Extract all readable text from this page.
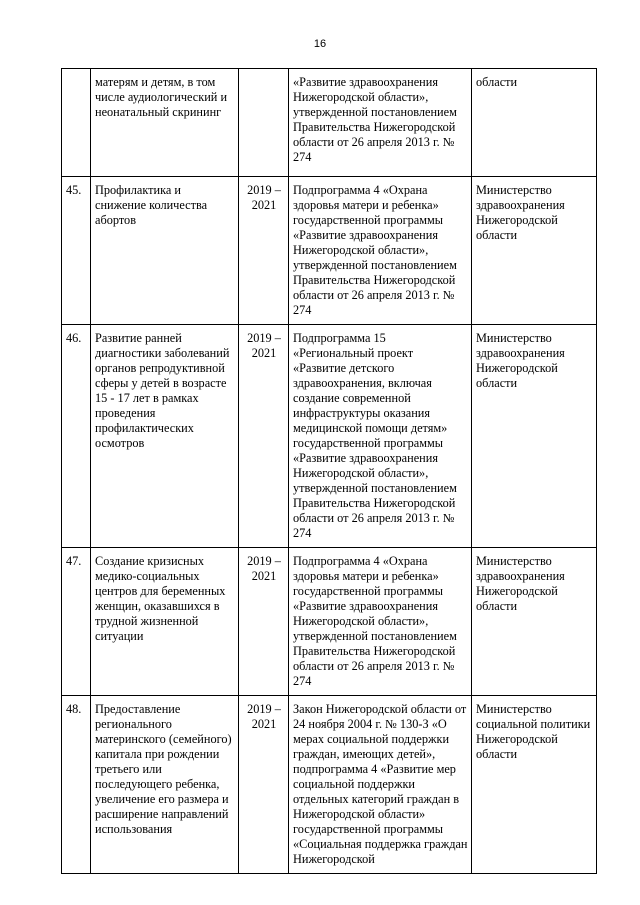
16
	матерям и детям, в том числе аудиологический и неонатальный скрининг		«Развитие здравоохранения Нижегородской области», утвержденной постановлением Правительства Нижегородской области от 26 апреля 2013 г. № 274	области
45.	Профилактика и снижение количества абортов	2019 – 2021	Подпрограмма 4 «Охрана здоровья матери и ребенка» государственной программы «Развитие здравоохранения Нижегородской области», утвержденной постановлением Правительства Нижегородской области от 26 апреля 2013 г. № 274	Министерство здравоохранения Нижегородской области
46.	Развитие ранней диагностики заболеваний органов репродуктивной сферы у детей в возрасте 15 - 17 лет в рамках проведения профилактических осмотров	2019 – 2021	Подпрограмма 15 «Региональный проект «Развитие детского здравоохранения, включая создание современной инфраструктуры оказания медицинской помощи детям» государственной программы «Развитие здравоохранения Нижегородской области», утвержденной постановлением Правительства Нижегородской области от 26 апреля 2013 г. № 274	Министерство здравоохранения Нижегородской области
47.	Создание кризисных медико-социальных центров для беременных женщин, оказавшихся в трудной жизненной ситуации	2019 – 2021	Подпрограмма 4 «Охрана здоровья матери и ребенка» государственной программы «Развитие здравоохранения Нижегородской области», утвержденной постановлением Правительства Нижегородской области от 26 апреля 2013 г. № 274	Министерство здравоохранения Нижегородской области
48.	Предоставление регионального материнского (семейного) капитала при рождении третьего или последующего ребенка, увеличение его размера и расширение направлений использования	2019 – 2021	Закон Нижегородской области от 24 ноября 2004 г. № 130-З «О мерах социальной поддержки граждан, имеющих детей», подпрограмма 4 «Развитие мер социальной поддержки отдельных категорий граждан в Нижегородской области» государственной программы «Социальная поддержка граждан Нижегородской	Министерство социальной политики Нижегородской области
